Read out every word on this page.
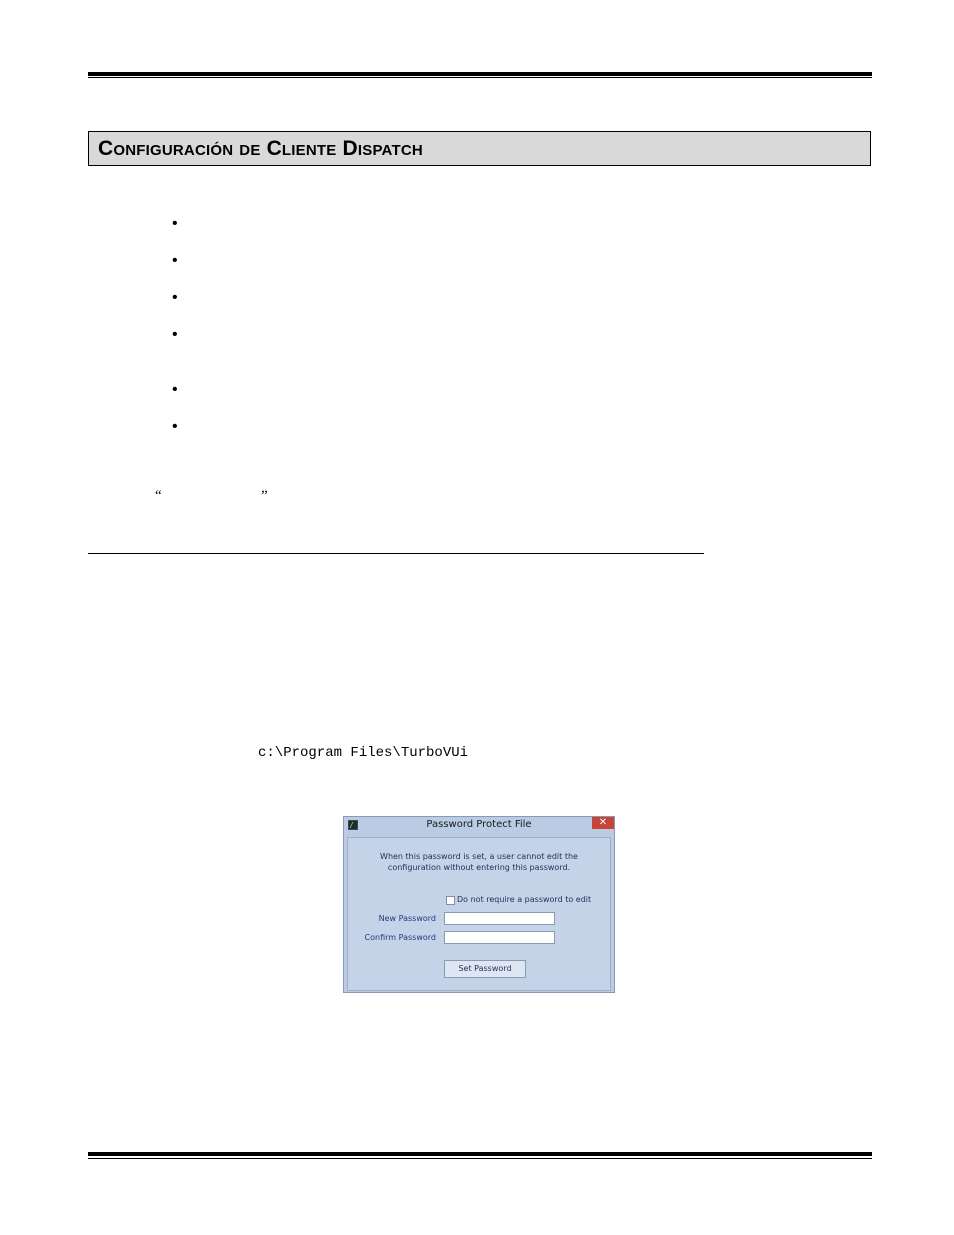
Configuración de Cliente Dispatch
•
•
•
•
•
•
“	”

c:\Program Files\TurboVUi

Password Protect File	✕

When this password is set, a user cannot edit the
configuration without entering this password.

Do not require a password to edit
New Password
Confirm Password
Set Password
